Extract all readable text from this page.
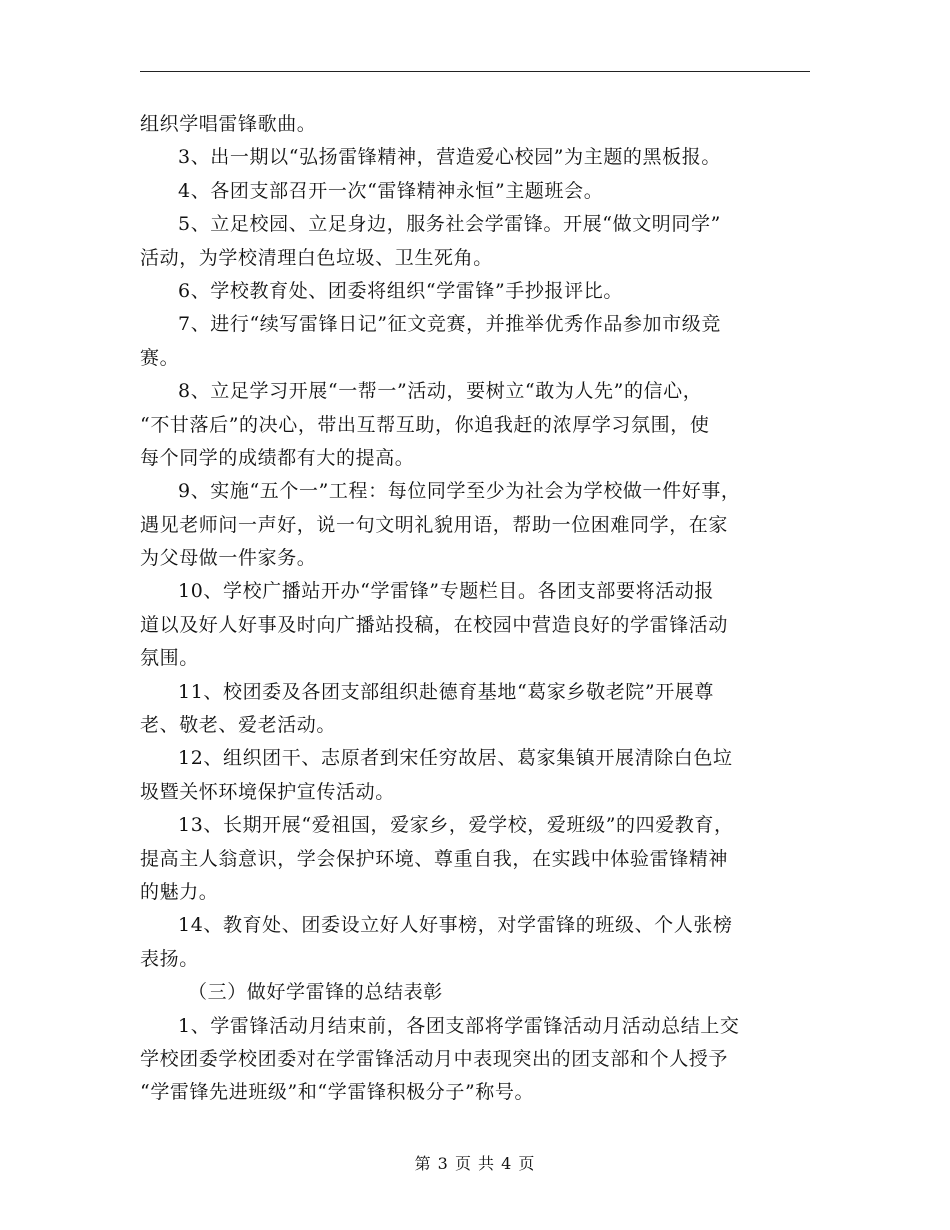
组织学唱雷锋歌曲。
3、出一期以“弘扬雷锋精神，营造爱心校园”为主题的黑板报。
4、各团支部召开一次“雷锋精神永恒”主题班会。
5、立足校园、立足身边，服务社会学雷锋。开展“做文明同学”
活动，为学校清理白色垃圾、卫生死角。
6、学校教育处、团委将组织“学雷锋”手抄报评比。
7、进行“续写雷锋日记”征文竞赛，并推举优秀作品参加市级竞
赛。
8、立足学习开展“一帮一”活动，要树立“敢为人先”的信心，
“不甘落后”的决心，带出互帮互助，你追我赶的浓厚学习氛围，使
每个同学的成绩都有大的提高。
9、实施“五个一”工程：每位同学至少为社会为学校做一件好事，
遇见老师问一声好，说一句文明礼貌用语，帮助一位困难同学，在家
为父母做一件家务。
10、学校广播站开办“学雷锋”专题栏目。各团支部要将活动报
道以及好人好事及时向广播站投稿，在校园中营造良好的学雷锋活动
氛围。
11、校团委及各团支部组织赴德育基地“葛家乡敬老院”开展尊
老、敬老、爱老活动。
12、组织团干、志原者到宋任穷故居、葛家集镇开展清除白色垃
圾暨关怀环境保护宣传活动。
13、长期开展“爱祖国，爱家乡，爱学校，爱班级”的四爱教育，
提高主人翁意识，学会保护环境、尊重自我，在实践中体验雷锋精神
的魅力。
14、教育处、团委设立好人好事榜，对学雷锋的班级、个人张榜
表扬。
（三）做好学雷锋的总结表彰
1、学雷锋活动月结束前，各团支部将学雷锋活动月活动总结上交
学校团委学校团委对在学雷锋活动月中表现突出的团支部和个人授予
“学雷锋先进班级”和“学雷锋积极分子”称号。
第 3 页 共 4 页
